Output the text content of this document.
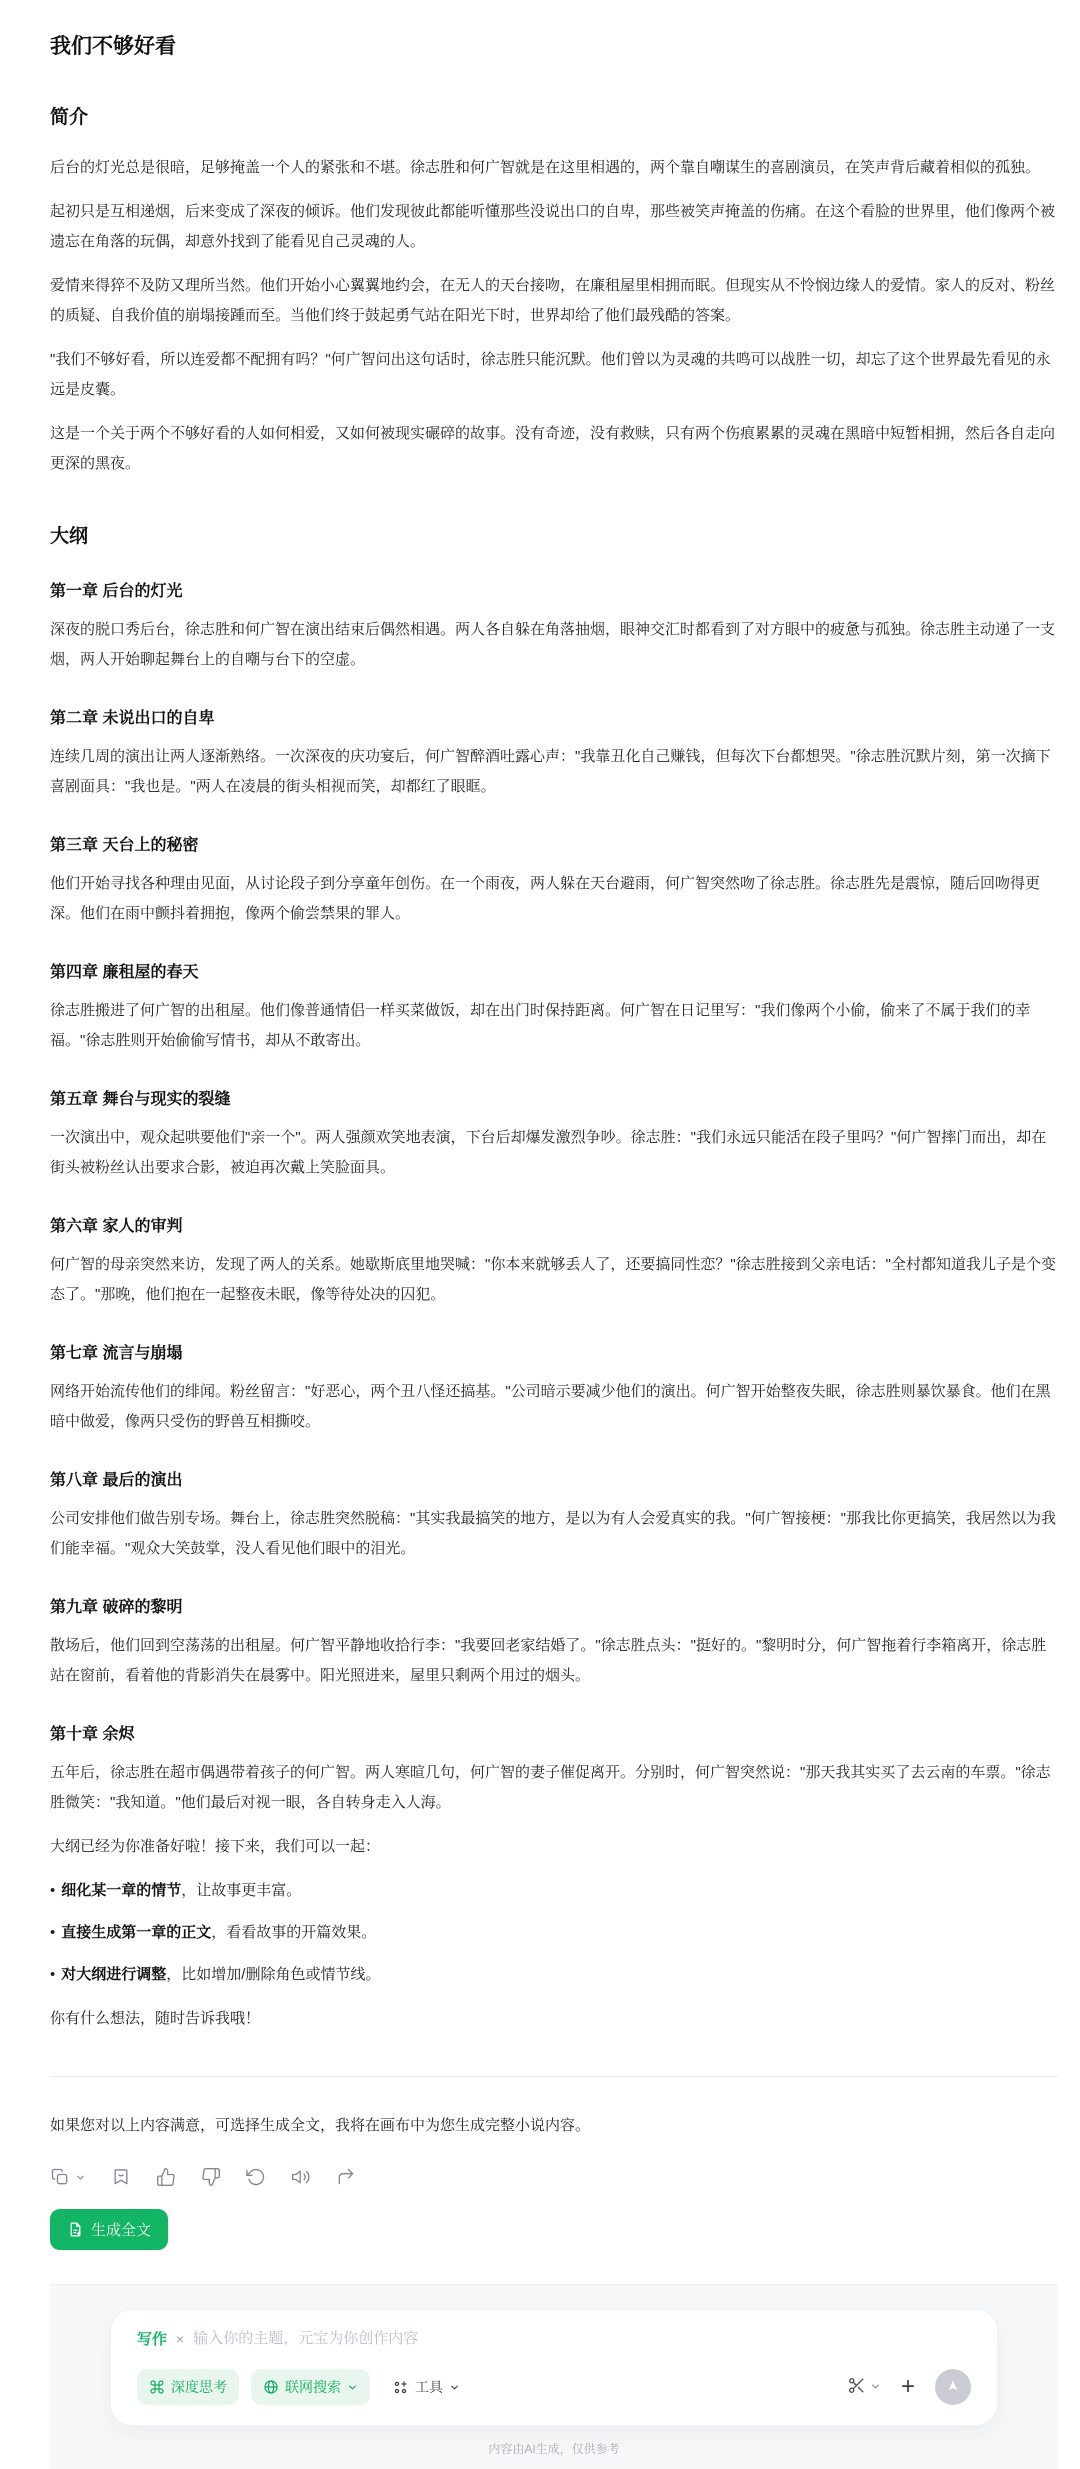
我们不够好看
简介

后台的灯光总是很暗，足够掩盖一个人的紧张和不堪。徐志胜和何广智就是在这里相遇的，两个靠自嘲谋生的喜剧演员，在笑声背后藏着相似的孤独。

起初只是互相递烟，后来变成了深夜的倾诉。他们发现彼此都能听懂那些没说出口的自卑，那些被笑声掩盖的伤痛。在这个看脸的世界里，他们像两个被遗忘在角落的玩偶，却意外找到了能看见自己灵魂的人。

爱情来得猝不及防又理所当然。他们开始小心翼翼地约会，在无人的天台接吻，在廉租屋里相拥而眠。但现实从不怜悯边缘人的爱情。家人的反对、粉丝的质疑、自我价值的崩塌接踵而至。当他们终于鼓起勇气站在阳光下时，世界却给了他们最残酷的答案。

"我们不够好看，所以连爱都不配拥有吗？"何广智问出这句话时，徐志胜只能沉默。他们曾以为灵魂的共鸣可以战胜一切，却忘了这个世界最先看见的永远是皮囊。

这是一个关于两个不够好看的人如何相爱，又如何被现实碾碎的故事。没有奇迹，没有救赎，只有两个伤痕累累的灵魂在黑暗中短暂相拥，然后各自走向更深的黑夜。

大纲
第一章 后台的灯光

深夜的脱口秀后台，徐志胜和何广智在演出结束后偶然相遇。两人各自躲在角落抽烟，眼神交汇时都看到了对方眼中的疲惫与孤独。徐志胜主动递了一支烟，两人开始聊起舞台上的自嘲与台下的空虚。

第二章 未说出口的自卑

连续几周的演出让两人逐渐熟络。一次深夜的庆功宴后，何广智醉酒吐露心声："我靠丑化自己赚钱，但每次下台都想哭。"徐志胜沉默片刻，第一次摘下喜剧面具："我也是。"两人在凌晨的街头相视而笑，却都红了眼眶。

第三章 天台上的秘密

他们开始寻找各种理由见面，从讨论段子到分享童年创伤。在一个雨夜，两人躲在天台避雨，何广智突然吻了徐志胜。徐志胜先是震惊，随后回吻得更深。他们在雨中颤抖着拥抱，像两个偷尝禁果的罪人。

第四章 廉租屋的春天

徐志胜搬进了何广智的出租屋。他们像普通情侣一样买菜做饭，却在出门时保持距离。何广智在日记里写："我们像两个小偷，偷来了不属于我们的幸福。"徐志胜则开始偷偷写情书，却从不敢寄出。

第五章 舞台与现实的裂缝

一次演出中，观众起哄要他们"亲一个"。两人强颜欢笑地表演，下台后却爆发激烈争吵。徐志胜："我们永远只能活在段子里吗？"何广智摔门而出，却在街头被粉丝认出要求合影，被迫再次戴上笑脸面具。

第六章 家人的审判

何广智的母亲突然来访，发现了两人的关系。她歇斯底里地哭喊："你本来就够丢人了，还要搞同性恋？"徐志胜接到父亲电话："全村都知道我儿子是个变态了。"那晚，他们抱在一起整夜未眠，像等待处决的囚犯。

第七章 流言与崩塌

网络开始流传他们的绯闻。粉丝留言："好恶心，两个丑八怪还搞基。"公司暗示要减少他们的演出。何广智开始整夜失眠，徐志胜则暴饮暴食。他们在黑暗中做爱，像两只受伤的野兽互相撕咬。

第八章 最后的演出

公司安排他们做告别专场。舞台上，徐志胜突然脱稿："其实我最搞笑的地方，是以为有人会爱真实的我。"何广智接梗："那我比你更搞笑，我居然以为我们能幸福。"观众大笑鼓掌，没人看见他们眼中的泪光。

第九章 破碎的黎明

散场后，他们回到空荡荡的出租屋。何广智平静地收拾行李："我要回老家结婚了。"徐志胜点头："挺好的。"黎明时分，何广智拖着行李箱离开，徐志胜站在窗前，看着他的背影消失在晨雾中。阳光照进来，屋里只剩两个用过的烟头。

第十章 余烬

五年后，徐志胜在超市偶遇带着孩子的何广智。两人寒暄几句，何广智的妻子催促离开。分别时，何广智突然说："那天我其实买了去云南的车票。"徐志胜微笑："我知道。"他们最后对视一眼，各自转身走入人海。

大纲已经为你准备好啦！接下来，我们可以一起：

• 细化某一章的情节，让故事更丰富。

• 直接生成第一章的正文，看看故事的开篇效果。

• 对大纲进行调整，比如增加/删除角色或情节线。

你有什么想法，随时告诉我哦！

如果您对以上内容满意，可选择生成全文，我将在画布中为您生成完整小说内容。

生成全文
写作 ×
输入你的主题，元宝为你创作内容
深度思考	联网搜索	工具	+
内容由AI生成，仅供参考
